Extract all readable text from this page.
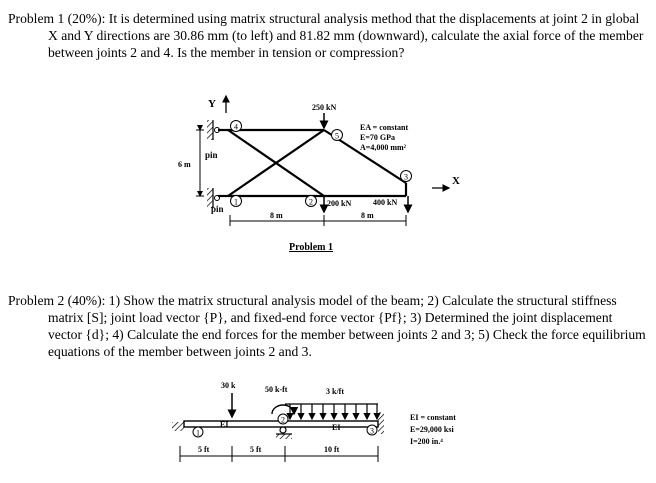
Problem 1 (20%): It is determined using matrix structural analysis method that the displacements at joint 2 in global X and Y directions are 30.86 mm (to left) and 81.82 mm (downward), calculate the axial force of the member between joints 2 and 4. Is the member in tension or compression?
Problem 2 (40%): 1) Show the matrix structural analysis model of the beam; 2) Calculate the structural stiffness matrix [S]; joint load vector {P}, and fixed-end force vector {Pf}; 3) Determined the joint displacement vector {d}; 4) Calculate the end forces for the member between joints 2 and 3; 5) Check the force equilibrium equations of the member between joints 2 and 3.
Y
pin
pin
4
1	2
5
3
250 kN
200 kN	400 kN
EA = constant
E=70 GPa
A=4,000 mm²
X
6 m
8 m	8 m
Problem 1
1
2
3
EI	EI
30 k	50 k-ft	3 k/ft
EI = constant
E=29,000 ksi
I=200 in.⁴
5 ft	5 ft	10 ft
